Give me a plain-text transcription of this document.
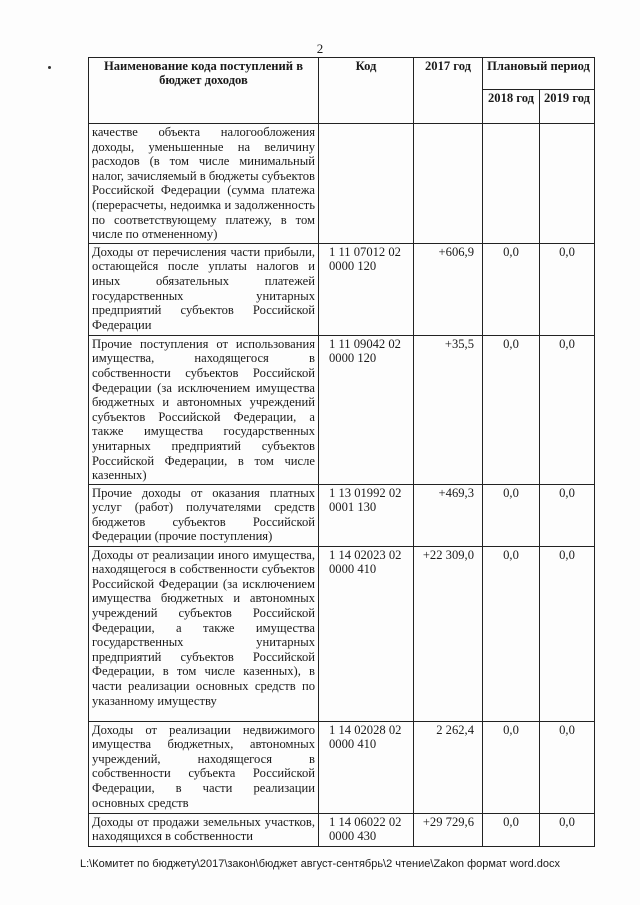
2
Наименование кода поступлений в бюджет доходов	Код	2017 год	Плановый период	
			2018 год	2019 год
качестве объекта налогообложения доходы, уменьшенные на величину расходов (в том числе минимальный налог, зачисляемый в бюджеты субъектов Российской Федерации (сумма платежа (перерасчеты, недоимка и задолженность по соответствующему платежу, в том числе по отмененному)				
Доходы от перечисления части прибыли, остающейся после уплаты налогов и иных обязательных платежей государственных унитарных предприятий субъектов Российской Федерации	1 11 07012 02 0000 120	+606,9	0,0	0,0
Прочие поступления от использования имущества, находящегося в собственности субъектов Российской Федерации (за исключением имущества бюджетных и автономных учреждений субъектов Российской Федерации, а также имущества государственных унитарных предприятий субъектов Российской Федерации, в том числе казенных)	1 11 09042 02 0000 120	+35,5	0,0	0,0
Прочие доходы от оказания платных услуг (работ) получателями средств бюджетов субъектов Российской Федерации (прочие поступления)	1 13 01992 02 0001 130	+469,3	0,0	0,0
Доходы от реализации иного имущества, находящегося в собственности субъектов Российской Федерации (за исключением имущества бюджетных и автономных учреждений субъектов Российской Федерации, а также имущества государственных унитарных предприятий субъектов Российской Федерации, в том числе казенных), в части реализации основных средств по указанному имуществу	1 14 02023 02 0000 410	+22 309,0	0,0	0,0
Доходы от реализации недвижимого имущества бюджетных, автономных учреждений, находящегося в собственности субъекта Российской Федерации, в части реализации основных средств	1 14 02028 02 0000 410	2 262,4	0,0	0,0
Доходы от продажи земельных участков, находящихся в собственности	1 14 06022 02 0000 430	+29 729,6	0,0	0,0
L:\Комитет по бюджету\2017\закон\бюджет август-сентябрь\2 чтение\Zakon формат word.docx
